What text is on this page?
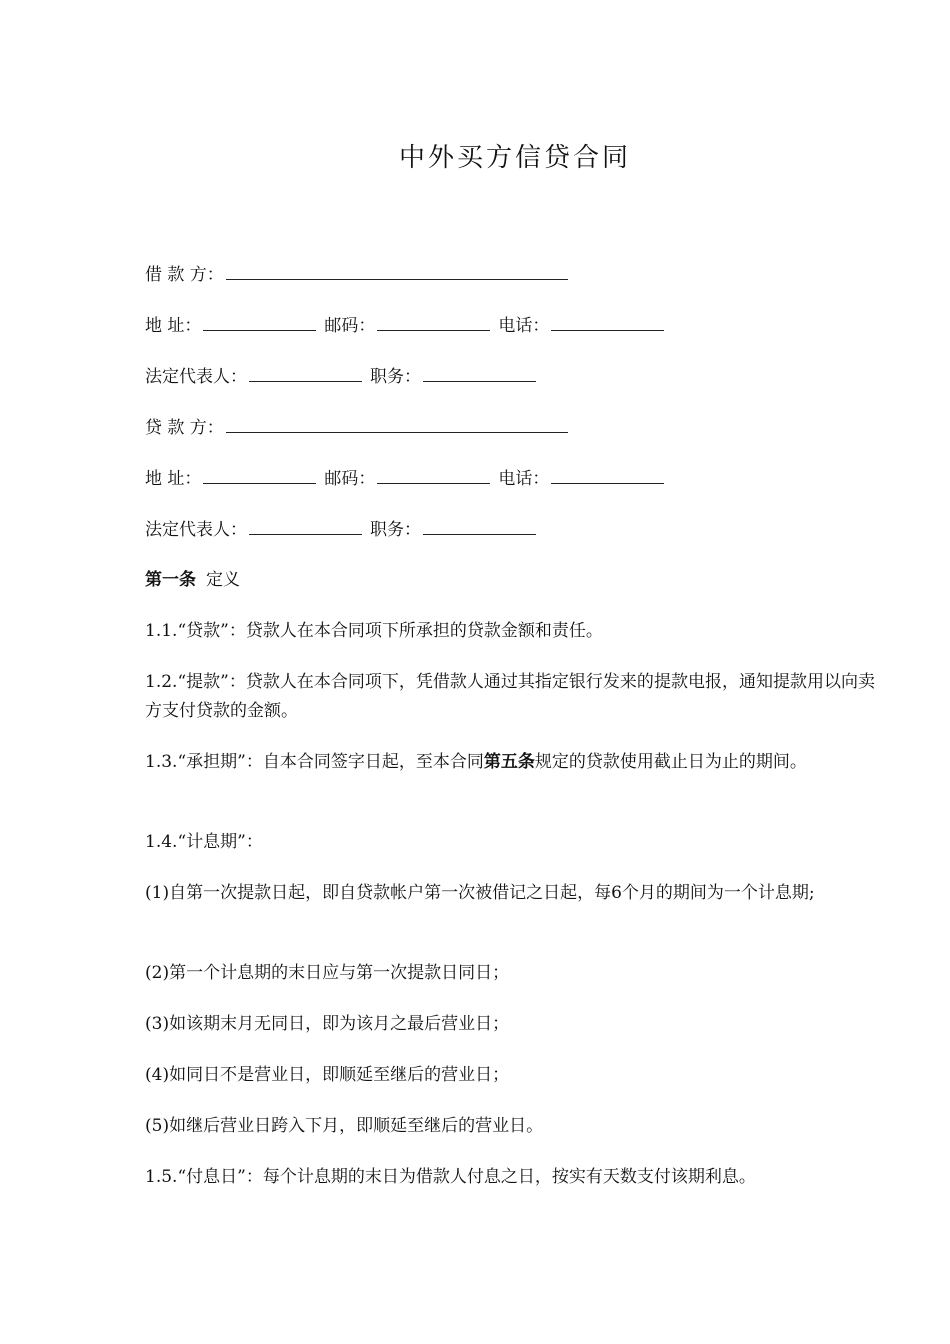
中外买方信贷合同
借 款 方：
地 址：	邮码：	电话：
法定代表人：	职务：
贷 款 方：
地 址：	邮码：	电话：
法定代表人：	职务：
第一条 定义
1.1.“贷款”：贷款人在本合同项下所承担的贷款金额和责任。
1.2.“提款”：贷款人在本合同项下，凭借款人通过其指定银行发来的提款电报，通知提款用以向卖方支付贷款的金额。
1.3.“承担期”：自本合同签字日起，至本合同第五条规定的贷款使用截止日为止的期间。
1.4.“计息期”：
(1)自第一次提款日起，即自贷款帐户第一次被借记之日起，每6个月的期间为一个计息期;
(2)第一个计息期的末日应与第一次提款日同日；
(3)如该期末月无同日，即为该月之最后营业日；
(4)如同日不是营业日，即顺延至继后的营业日；
(5)如继后营业日跨入下月，即顺延至继后的营业日。
1.5.“付息日”：每个计息期的末日为借款人付息之日，按实有天数支付该期利息。
